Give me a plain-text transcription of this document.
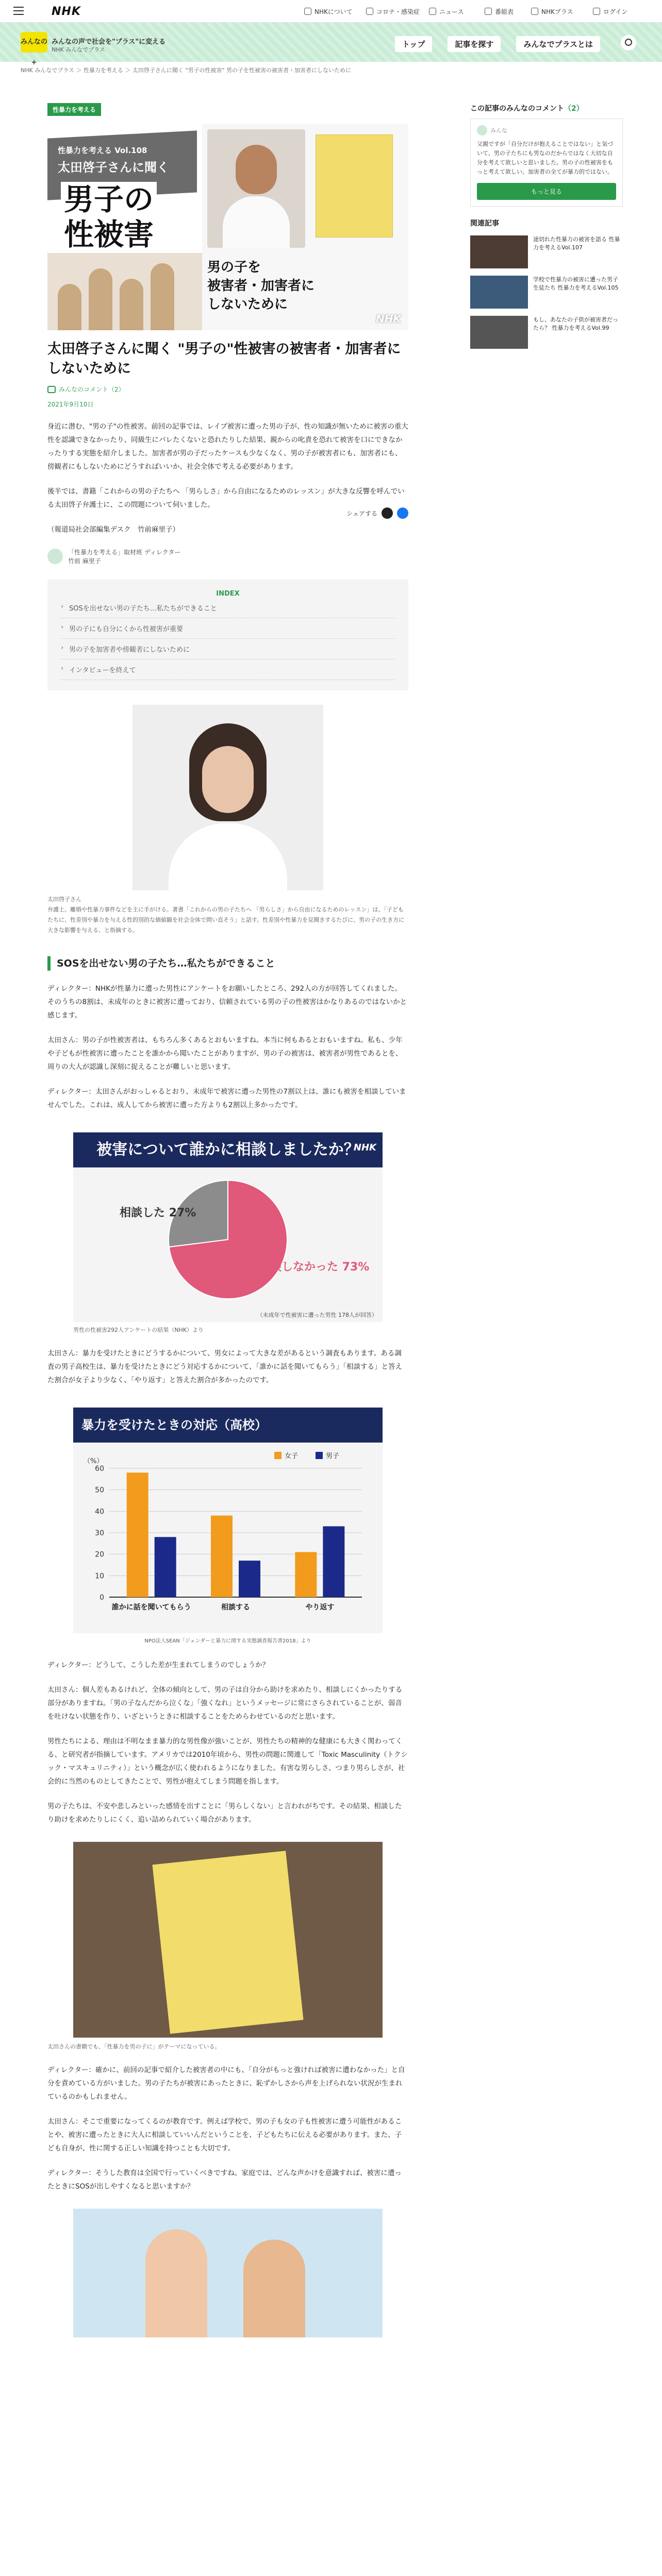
NHK	NHKについて	コロナ・感染症	ニュース	番組表	NHKプラス	ログイン
みんなの+
みんなの声で社会を"プラス"に変える
NHK みんなでプラス
トップ	記事を探す	みんなでプラスとは
NHK みんなでプラス ＞ 性暴力を考える ＞ 太田啓子さんに聞く "男子の性被害" 男の子を性被害の被害者・加害者にしないために
性暴力を考える
性暴力を考える Vol.108
太田啓子さんに聞く
男子の
性被害
男の子を
被害者・加害者に
しないために
NHK
太田啓子さんに聞く "男子の"性被害の被害者・加害者にしないために
みんなのコメント（2）
2021年9月10日
シェアする

身近に潜む、"男の子"の性被害。前回の記事では、レイプ被害に遭った男の子が、性の知識が無いために被害の重大性を認識できなかったり、同級生にバレたくないと恐れたりした結果、親からの叱責を恐れて被害を口にできなかったりする実態を紹介しました。加害者が男の子だったケースも少なくなく、男の子が被害者にも、加害者にも、傍観者にもしないためにどうすればいいか、社会全体で考える必要があります。

後半では、書籍「これからの男の子たちへ 「男らしさ」から自由になるためのレッスン」が大きな反響を呼んでいる太田啓子弁護士に、この問題について伺いました。

（報道局社会部編集デスク　竹前麻里子）

「性暴力を考える」取材班 ディレクター
竹前 麻里子
INDEX
› SOSを出せない男の子たち…私たちができること
› 男の子にも自分にくから性被害が重要
› 男の子を加害者や傍観者にしないために
› インタビューを終えて
太田啓子さん
弁護士。離婚や性暴力事件などを主に手がける。著書「これからの男の子たちへ 「男らしさ」から自由になるためのレッスン」は、「子どもたちに、性差別や暴力を与える性的別的な価値観を社会全体で問い直そう」と話す。性差別や性暴力を見聞きするたびに、男の子の生き方に大きな影響を与える、と指摘する。
SOSを出せない男の子たち…私たちができること

ディレクター：NHKが性暴力に遭った男性にアンケートをお願いしたところ、292人の方が回答してくれました。そのうちの8割は、未成年のときに被害に遭っており、信頼されている男の子の性被害はかなりあるのではないかと感じます。

太田さん：男の子が性被害者は、もちろん多くあるとおもいますね。本当に何もあるとおもいますね。私も、少年や子どもが性被害に遭ったことを誰かから聞いたことがありますが、男の子の被害は、被害者が男性であるとを、周りの大人が認識し深刻に捉えることが難しいと思います。

ディレクター：太田さんがおっしゃるとおり、未成年で被害に遭った男性の7割以上は、誰にも被害を相談していませんでした。これは、成人してから被害に遭った方よりも2割以上多かったです。

被害について誰かに相談しましたか？
NHK
相談した 27%
相談しなかった 73%
（未成年で性被害に遭った男性 178人が回答）
男性の性被害292人アンケートの結果（NHK）より

太田さん：暴力を受けたときにどうするかについて、男女によって大きな差があるという調査もあります。ある調査の男子高校生は、暴力を受けたときにどう対応するかについて、「誰かに話を聞いてもらう」「相談する」と答えた割合が女子より少なく、「やり返す」と答えた割合が多かったのです。

暴力を受けたときの対応（高校）
（%）
0
10
20
30
40
50
60
誰かに話を聞いてもらう	相談する	やり返す
女子	男子
NPO法人SEAN「ジェンダーと暴力に関する実態調査報告書2018」より

ディレクター：どうして、こうした差が生まれてしまうのでしょうか？

太田さん：個人差もあるけれど、全体の傾向として、男の子は自分から助けを求めたり、相談しにくかったりする部分がありますね。「男の子なんだから泣くな」「強くなれ」というメッセージに常にさらされていることが、弱音を吐けない状態を作り、いざというときに相談することをためらわせているのだと思います。

男性たちによる、理由は不明なまま暴力的な男性像が強いことが、男性たちの精神的な健康にも大きく関わってくる、と研究者が指摘しています。アメリカでは2010年頃から、男性の問題に関連して「Toxic Masculinity（トクシック・マスキュリニティ）」という概念が広く使われるようになりました。有害な男らしさ、つまり男らしさが、社会的に当然のものとしてきたことで、男性が抱えてしまう問題を指します。

男の子たちは、不安や悲しみといった感情を出すことに「男らしくない」と言われがちです。その結果、相談したり助けを求めたりしにくく、追い詰められていく場合があります。

太田さんの書籍でも、「性暴力を男の子に」がテーマになっている。

ディレクター：確かに、前回の記事で紹介した被害者の中にも、「自分がもっと強ければ被害に遭わなかった」と自分を責めている方がいました。男の子たちが被害にあったときに、恥ずかしさから声を上げられない状況が生まれているのかもしれません。

太田さん：そこで重要になってくるのが教育です。例えば学校で、男の子も女の子も性被害に遭う可能性があることや、被害に遭ったときに大人に相談していいんだということを、子どもたちに伝える必要があります。また、子ども自身が、性に関する正しい知識を持つことも大切です。

ディレクター：そうした教育は全国で行っていくべきですね。家庭では、どんな声かけを意識すれば、被害に遭ったときにSOSが出しやすくなると思いますか？

この記事のみんなのコメント（2）
みんな
父親ですが「自分だけが抱えることではない」と気づいて、男の子たちにも男なのだからではなく大切な自分を考えて欲しいと思いました。男の子の性被害をもっと考えて欲しい。加害者の全てが暴力的ではない。
もっと見る
関連記事
途切れた性暴力の被害を語る 性暴力を考えるVol.107
学校で性暴力の被害に遭った男子生徒たち 性暴力を考えるVol.105
もし、あなたの子供が被害者だったら？ 性暴力を考えるVol.99
